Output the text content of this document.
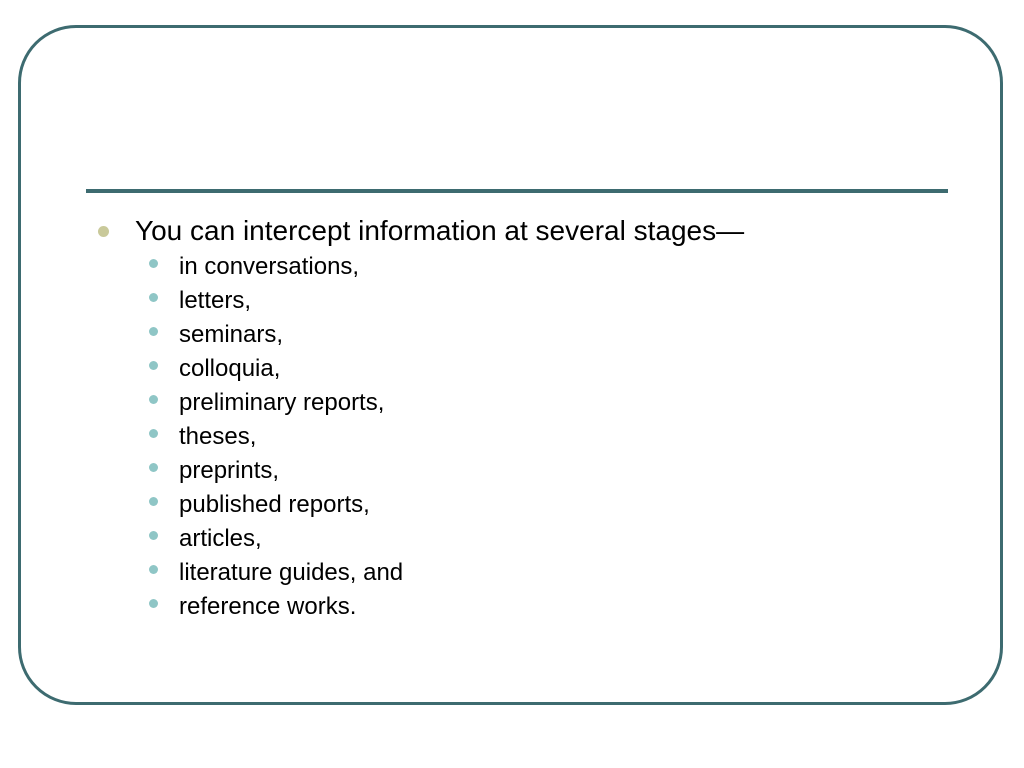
You can intercept information at several stages—
in conversations,
letters,
seminars,
colloquia,
preliminary reports,
theses,
preprints,
published reports,
articles,
literature guides, and
reference works.
